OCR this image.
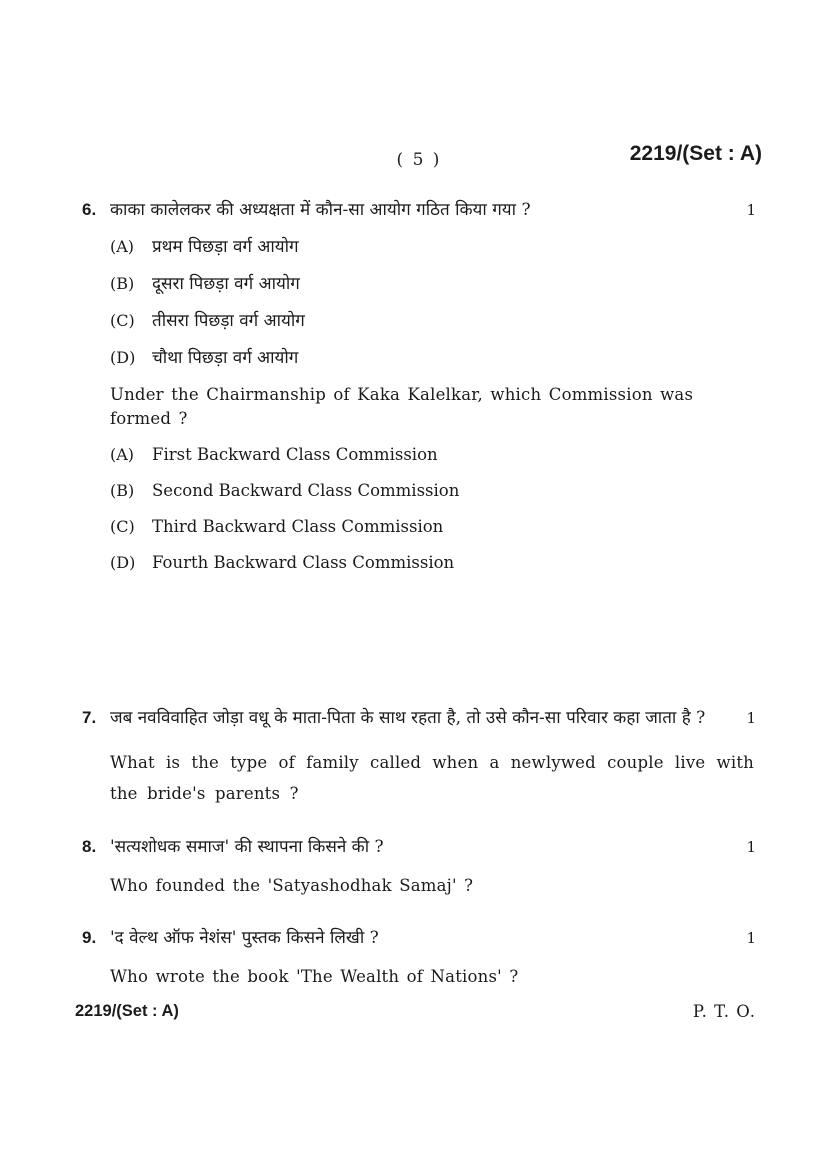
( 5 )	2219/(Set : A)
6. काका कालेलकर की अध्यक्षता में कौन-सा आयोग गठित किया गया ?	1
(A)	प्रथम पिछड़ा वर्ग आयोग
(B)	दूसरा पिछड़ा वर्ग आयोग
(C)	तीसरा पिछड़ा वर्ग आयोग
(D) चौथा पिछड़ा वर्ग आयोग
Under the Chairmanship of Kaka Kalelkar, which Commission was formed ?
(A)	First Backward Class Commission
(B)	Second Backward Class Commission
(C)	Third Backward Class Commission
(D)	Fourth Backward Class Commission
7. जब नवविवाहित जोड़ा वधू के माता-पिता के साथ रहता है, तो उसे कौन-सा परिवार कहा जाता है ?	1
What is the type of family called when a newlywed couple live with the bride's parents ?
8. 'सत्यशोधक समाज' की स्थापना किसने की ?	1
Who founded the 'Satyashodhak Samaj' ?
9. 'द वेल्थ ऑफ नेशंस' पुस्तक किसने लिखी ?	1
Who wrote the book 'The Wealth of Nations' ?
2219/(Set : A)	P. T. O.
